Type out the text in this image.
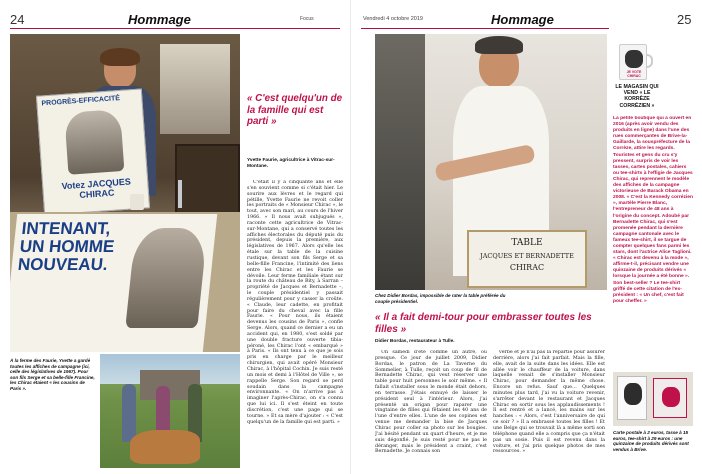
24	Hommage	Focus
PROGRÈS-EFFICACITÉ
Votez JACQUES CHIRAC
INTENANT, UN HOMME NOUVEAU.
À la ferme des Faurie, Yvette a gardé toutes les affiches de campagne (ici, celle des législatives de 1967). Pour son fils Serge et sa belle-fille Francine, les Chirac étaient « les cousins de Paris ».
« C'est quelqu'un de la famille qui est parti »
Yvette Faurie, agricultrice à Vitrac-sur-Montane.

C'était il y a cinquante ans et elle s'en souvient comme si c'était hier. Le sourire aux lèvres et le regard qui pétille, Yvette Faurie ne revoit coller les portraits de « Monsieur Chirac », le tout, avec son mari, au cours de l'hiver 1966. « Il nous avait subjugués », raconte cette agricultrice de Vitrac-sur-Montane, qui a conservé toutes les affiches électorales du député puis du président, depuis la première, aux législatives de 1967. Alors qu'elle les étale sur la table de la cuisine rustique, devant son fils Serge et sa belle-fille Francine, l'intimité des liens entre les Chirac et les Faurie se dévoile. Leur ferme familiale étant sur la route du château de Bity, à Sarran – propriété de Jacques et Bernadette –, le couple présidentiel y passait régulièrement pour y casser la croûte. « Claude, leur cadette, en profitait pour faire du cheval avec la fille Faurie. « Pour nous, ils étaient devenus les cousins de Paris », confie Serge. Alors, quand ce dernier a eu un accident qui, en 1980, s'est soldé par une double fracture ouverte tibia-péroné, les Chirac l'ont « embarqué » à Paris. « Ils ont tenu à ce que je sois pris en charge par le meilleur chirurgien, qui avait opéré Monsieur Chirac, à l'hôpital Cochin. Je suis resté un mois et demi à l'Hôtel de Ville », se rappelle Serge. Son regard se perd soudain dans la campagne environnante. « On n'arrive pas à imaginer l'après-Chirac, on s'a connu que lui ici. Il s'est éteint en toute discrétion, c'est une page qui se tourne. » Et sa mère d'ajouter : « C'est quelqu'un de la famille qui est parti. »

Vendredi 4 octobre 2019	Hommage	25
TABLE
JACQUES ET BERNADETTE
CHIRAC
Chez Didier Bordas, impossible de rater la table préférée du couple présidentiel.
« Il a fait demi-tour pour embrasser toutes les filles »
Didier Bordas, restaurateur à Tulle.

Un samedi d'été comme un autre, ou presque. Ce jour de juillet 2009, Didier Bordas, le patron de La Taverne du Sommelier, à Tulle, reçoit un coup de fil de Bernadette Chirac, qui veut réserver une table pour huit personnes le soir même. « Il fallait s'installer sous le monde était dehors, en terrasse. J'étais ennuyé de laisser le président seul à l'intérieur. Alors, j'ai présenté un origan pour raparer une vingtaine de filles qui fêtaient les 40 ans de l'une d'entre elles. L'une de ses copines est venue me demander la bise de Jacques Chirac pour coller sa photo sur les bougies. J'ai hésité pendant un quart d'heure, et je me suis dégonflé. Je suis resté pour ne pas le déranger, mais le président a craint, c'est Bernadette. Je connais son

verbe et je n'ai pas la répartie pour assurer derrière, alors j'ai fait parfait. Mais la fille, elle, avait de la suite dans les idées. Elle est allée voir le chauffeur de la voiture, dans laquelle venait de s'installer Monsieur Chirac, pour demander la même chose. Encore un refus. Sauf que… Quelques minutes plus tard, j'ai vu la voiture revenir, s'arrêter devant le restaurant et Jacques Chirac en sortir sous les applaudissements ! Il est rentré et a lancé, les mains sur les hanches : « Alors, c'est l'anniversaire de qui ce soir ? » Il a embrassé toutes les filles ! Et une Belge qui se trouvait là a même sorti son téléphone quand elle a compris que ça n'était pas un sosie. Puis il est revenu dans la voiture, et j'ai pris quelque photos de mes ressources. »

JE VOTE CHIRAC
LE MAGASIN QUI VEND « LE KORRÈZE CORRÉZIEN »
La petite boutique qui a ouvert en 2016 (après avoir vendu des produits en ligne) dans l'une des rues commerçantes de Brive-la-Gaillarde, la souspréfecture de la Corrèze, attire les regards. Touristes et gens du cru s'y pressent, surpris de voir les tasses, cartes postales, cahiers ou tee-shirts à l'effigie de Jacques Chirac, qui reprennent le modèle des affiches de la campagne victorieuse de Barack Obama en 2008. « C'est la Kennedy corrézien », martèle Pierre Blanc, l'entrepreneur de 48 ans à l'origine du concept. Adoubé par Bernadette Chirac, qui s'est promenée pendant la dernière campagne cantonale avec le fameux tee-shirt, il se targue de compter quelques fans parmi les stars, dont l'actrice Alice Taglioni. « Chirac est devenu à la mode », affirme-t-il, précisant vendre une quinzaine de produits dérivés « lorsque la journée a été bonne ». Son best-seller ? Le tee-shirt griffé de cette citation de l'ex-président : « Un chef, c'est fait pour cheffer. »
Carte postale à 2 euros, tasse à 15 euros, tee-shirt à 29 euros : une quinzaine de produits dérivés sont vendus à Brive.
